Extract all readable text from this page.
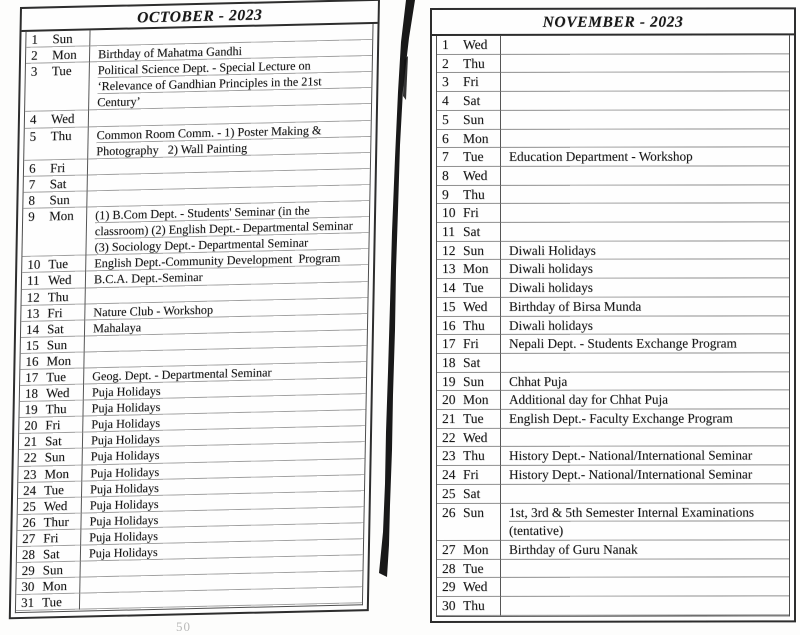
OCTOBER - 2023
1	Sun
2	Mon	Birthday of Mahatma Gandhi
3	Tue	Political Science Dept. - Special Lecture on
‘Relevance of Gandhian Principles in the 21st
Century’
4	Wed
5	Thu	Common Room Comm. - 1) Poster Making &
Photography   2) Wall Painting
6	Fri
7	Sat
8	Sun
9	Mon	(1) B.Com Dept. - Students' Seminar (in the
classroom) (2) English Dept.- Departmental Seminar
(3) Sociology Dept.- Departmental Seminar
10 Tue	English Dept.-Community Development  Program
11 Wed	B.C.A. Dept.-Seminar
12 Thu
13 Fri	Nature Club - Workshop
14 Sat	Mahalaya
15 Sun
16 Mon
17 Tue	Geog. Dept. - Departmental Seminar
18 Wed	Puja Holidays
19 Thu	Puja Holidays
20 Fri	Puja Holidays
21 Sat	Puja Holidays
22 Sun	Puja Holidays
23 Mon	Puja Holidays
24 Tue	Puja Holidays
25 Wed	Puja Holidays
26 Thur	Puja Holidays
27 Fri	Puja Holidays
28 Sat	Puja Holidays
29 Sun
30 Mon
31 Tue
NOVEMBER - 2023
1	Wed
2	Thu
3	Fri
4	Sat
5	Sun
6	Mon
7	Tue	Education Department - Workshop
8	Wed
9	Thu
10 Fri
11 Sat
12 Sun	Diwali Holidays
13 Mon	Diwali holidays
14 Tue	Diwali holidays
15 Wed	Birthday of Birsa Munda
16 Thu	Diwali holidays
17 Fri	Nepali Dept. - Students Exchange Program
18 Sat
19 Sun	Chhat Puja
20 Mon	Additional day for Chhat Puja
21 Tue	English Dept.- Faculty Exchange Program
22 Wed
23 Thu	History Dept.- National/International Seminar
24 Fri	History Dept.- National/International Seminar
25 Sat
26 Sun	1st, 3rd & 5th Semester Internal Examinations
(tentative)
27 Mon	Birthday of Guru Nanak
28 Tue
29 Wed
30 Thu
50
